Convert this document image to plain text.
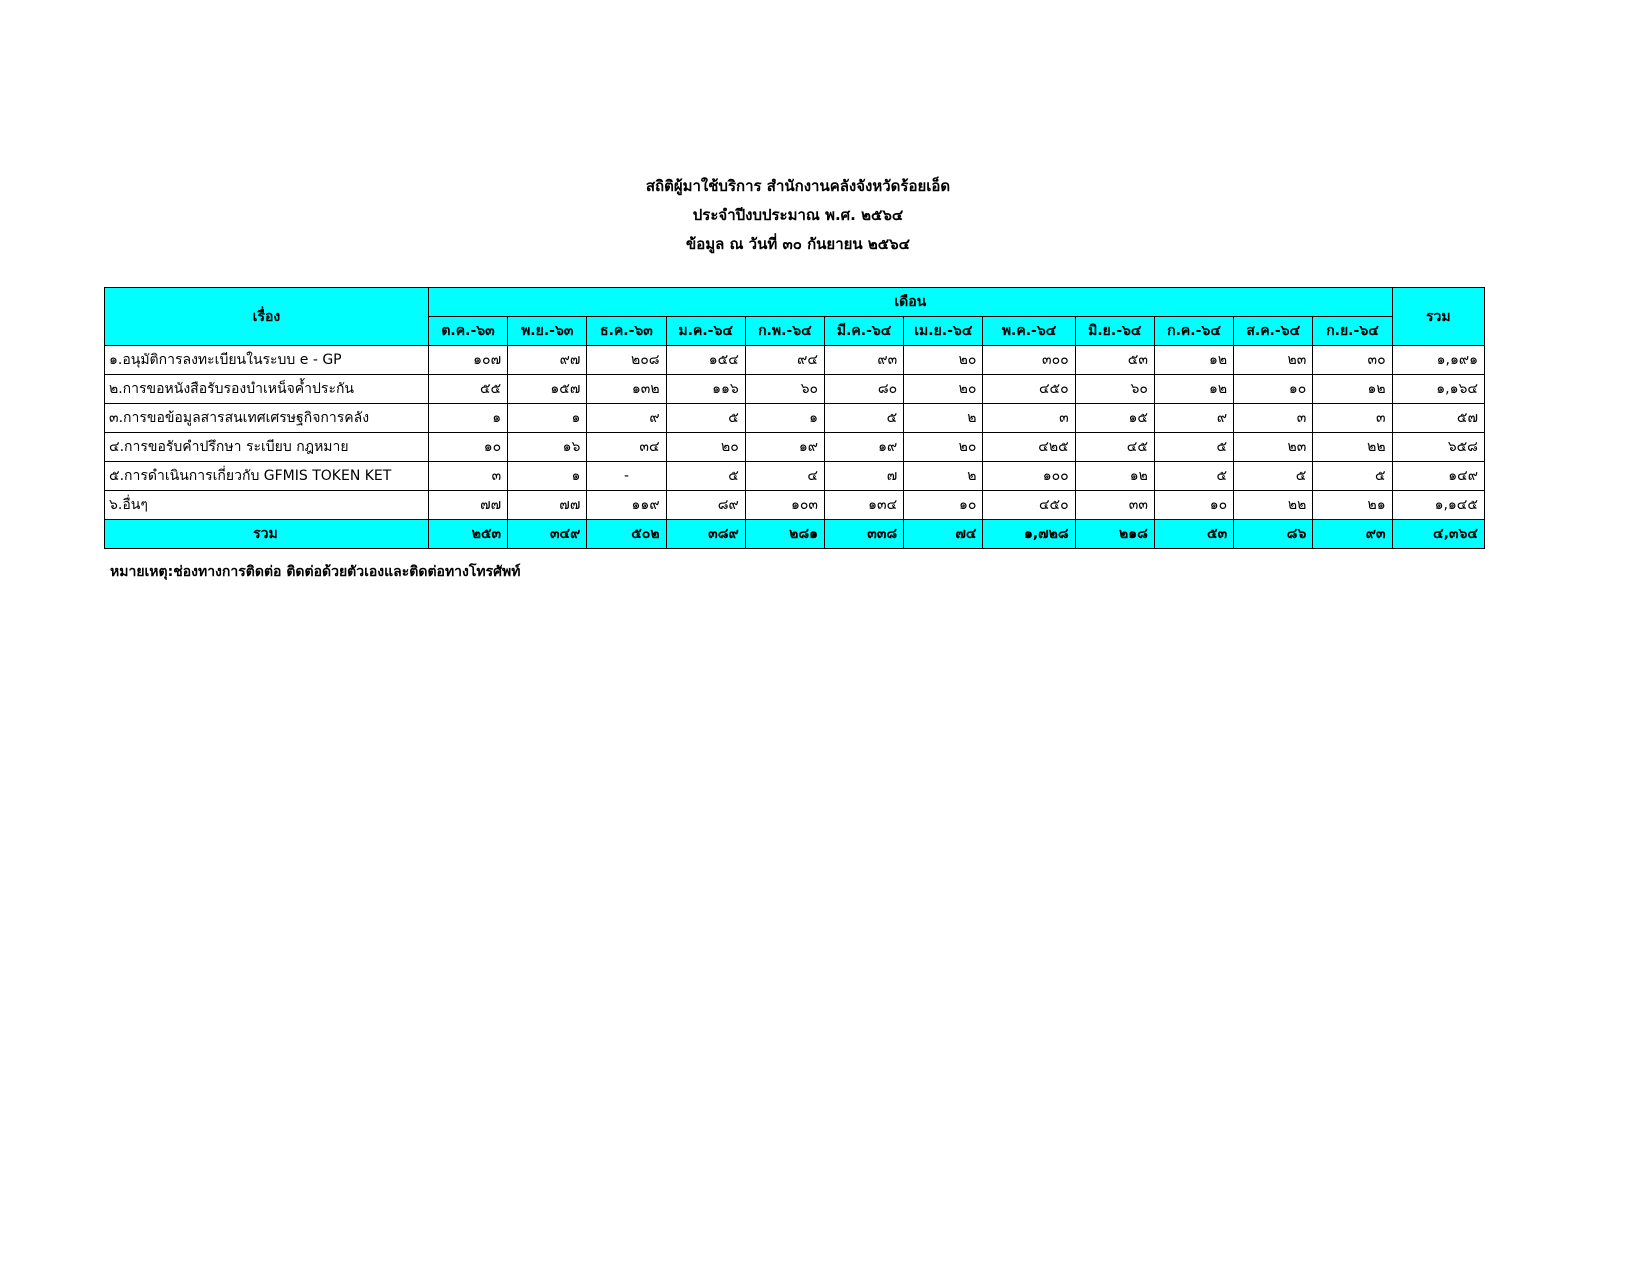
สถิติผู้มาใช้บริการ สำนักงานคลังจังหวัดร้อยเอ็ด
ประจำปีงบประมาณ พ.ศ. ๒๕๖๔
ข้อมูล ณ วันที่ ๓๐ กันยายน ๒๕๖๔
เรื่อง	เดือน												รวม
	ต.ค.-๖๓	พ.ย.-๖๓	ธ.ค.-๖๓	ม.ค.-๖๔	ก.พ.-๖๔	มี.ค.-๖๔	เม.ย.-๖๔	พ.ค.-๖๔	มิ.ย.-๖๔	ก.ค.-๖๔	ส.ค.-๖๔	ก.ย.-๖๔	
๑.อนุมัติการลงทะเบียนในระบบ e - GP	๑๐๗	๙๗	๒๐๘	๑๕๔	๙๔	๙๓	๒๐	๓๐๐	๕๓	๑๒	๒๓	๓๐	๑,๑๙๑
๒.การขอหนังสือรับรองบำเหน็จค้ำประกัน	๕๕	๑๕๗	๑๓๒	๑๑๖	๖๐	๘๐	๒๐	๔๕๐	๖๐	๑๒	๑๐	๑๒	๑,๑๖๔
๓.การขอข้อมูลสารสนเทศเศรษฐกิจการคลัง	๑	๑	๙	๕	๑	๕	๒	๓	๑๕	๙	๓	๓	๕๗
๔.การขอรับคำปรึกษา ระเบียบ กฎหมาย	๑๐	๑๖	๓๔	๒๐	๑๙	๑๙	๒๐	๔๒๕	๔๕	๕	๒๓	๒๒	๖๕๘
๕.การดำเนินการเกี่ยวกับ GFMIS TOKEN KET	๓	๑	-	๕	๔	๗	๒	๑๐๐	๑๒	๕	๕	๕	๑๔๙
๖.อื่นๆ	๗๗	๗๗	๑๑๙	๘๙	๑๐๓	๑๓๔	๑๐	๔๕๐	๓๓	๑๐	๒๒	๒๑	๑,๑๔๕
รวม	๒๕๓	๓๔๙	๕๐๒	๓๘๙	๒๘๑	๓๓๘	๗๔	๑,๗๒๘	๒๑๘	๕๓	๘๖	๙๓	๔,๓๖๔
หมายเหตุ:ช่องทางการติดต่อ ติดต่อด้วยตัวเองและติดต่อทางโทรศัพท์
